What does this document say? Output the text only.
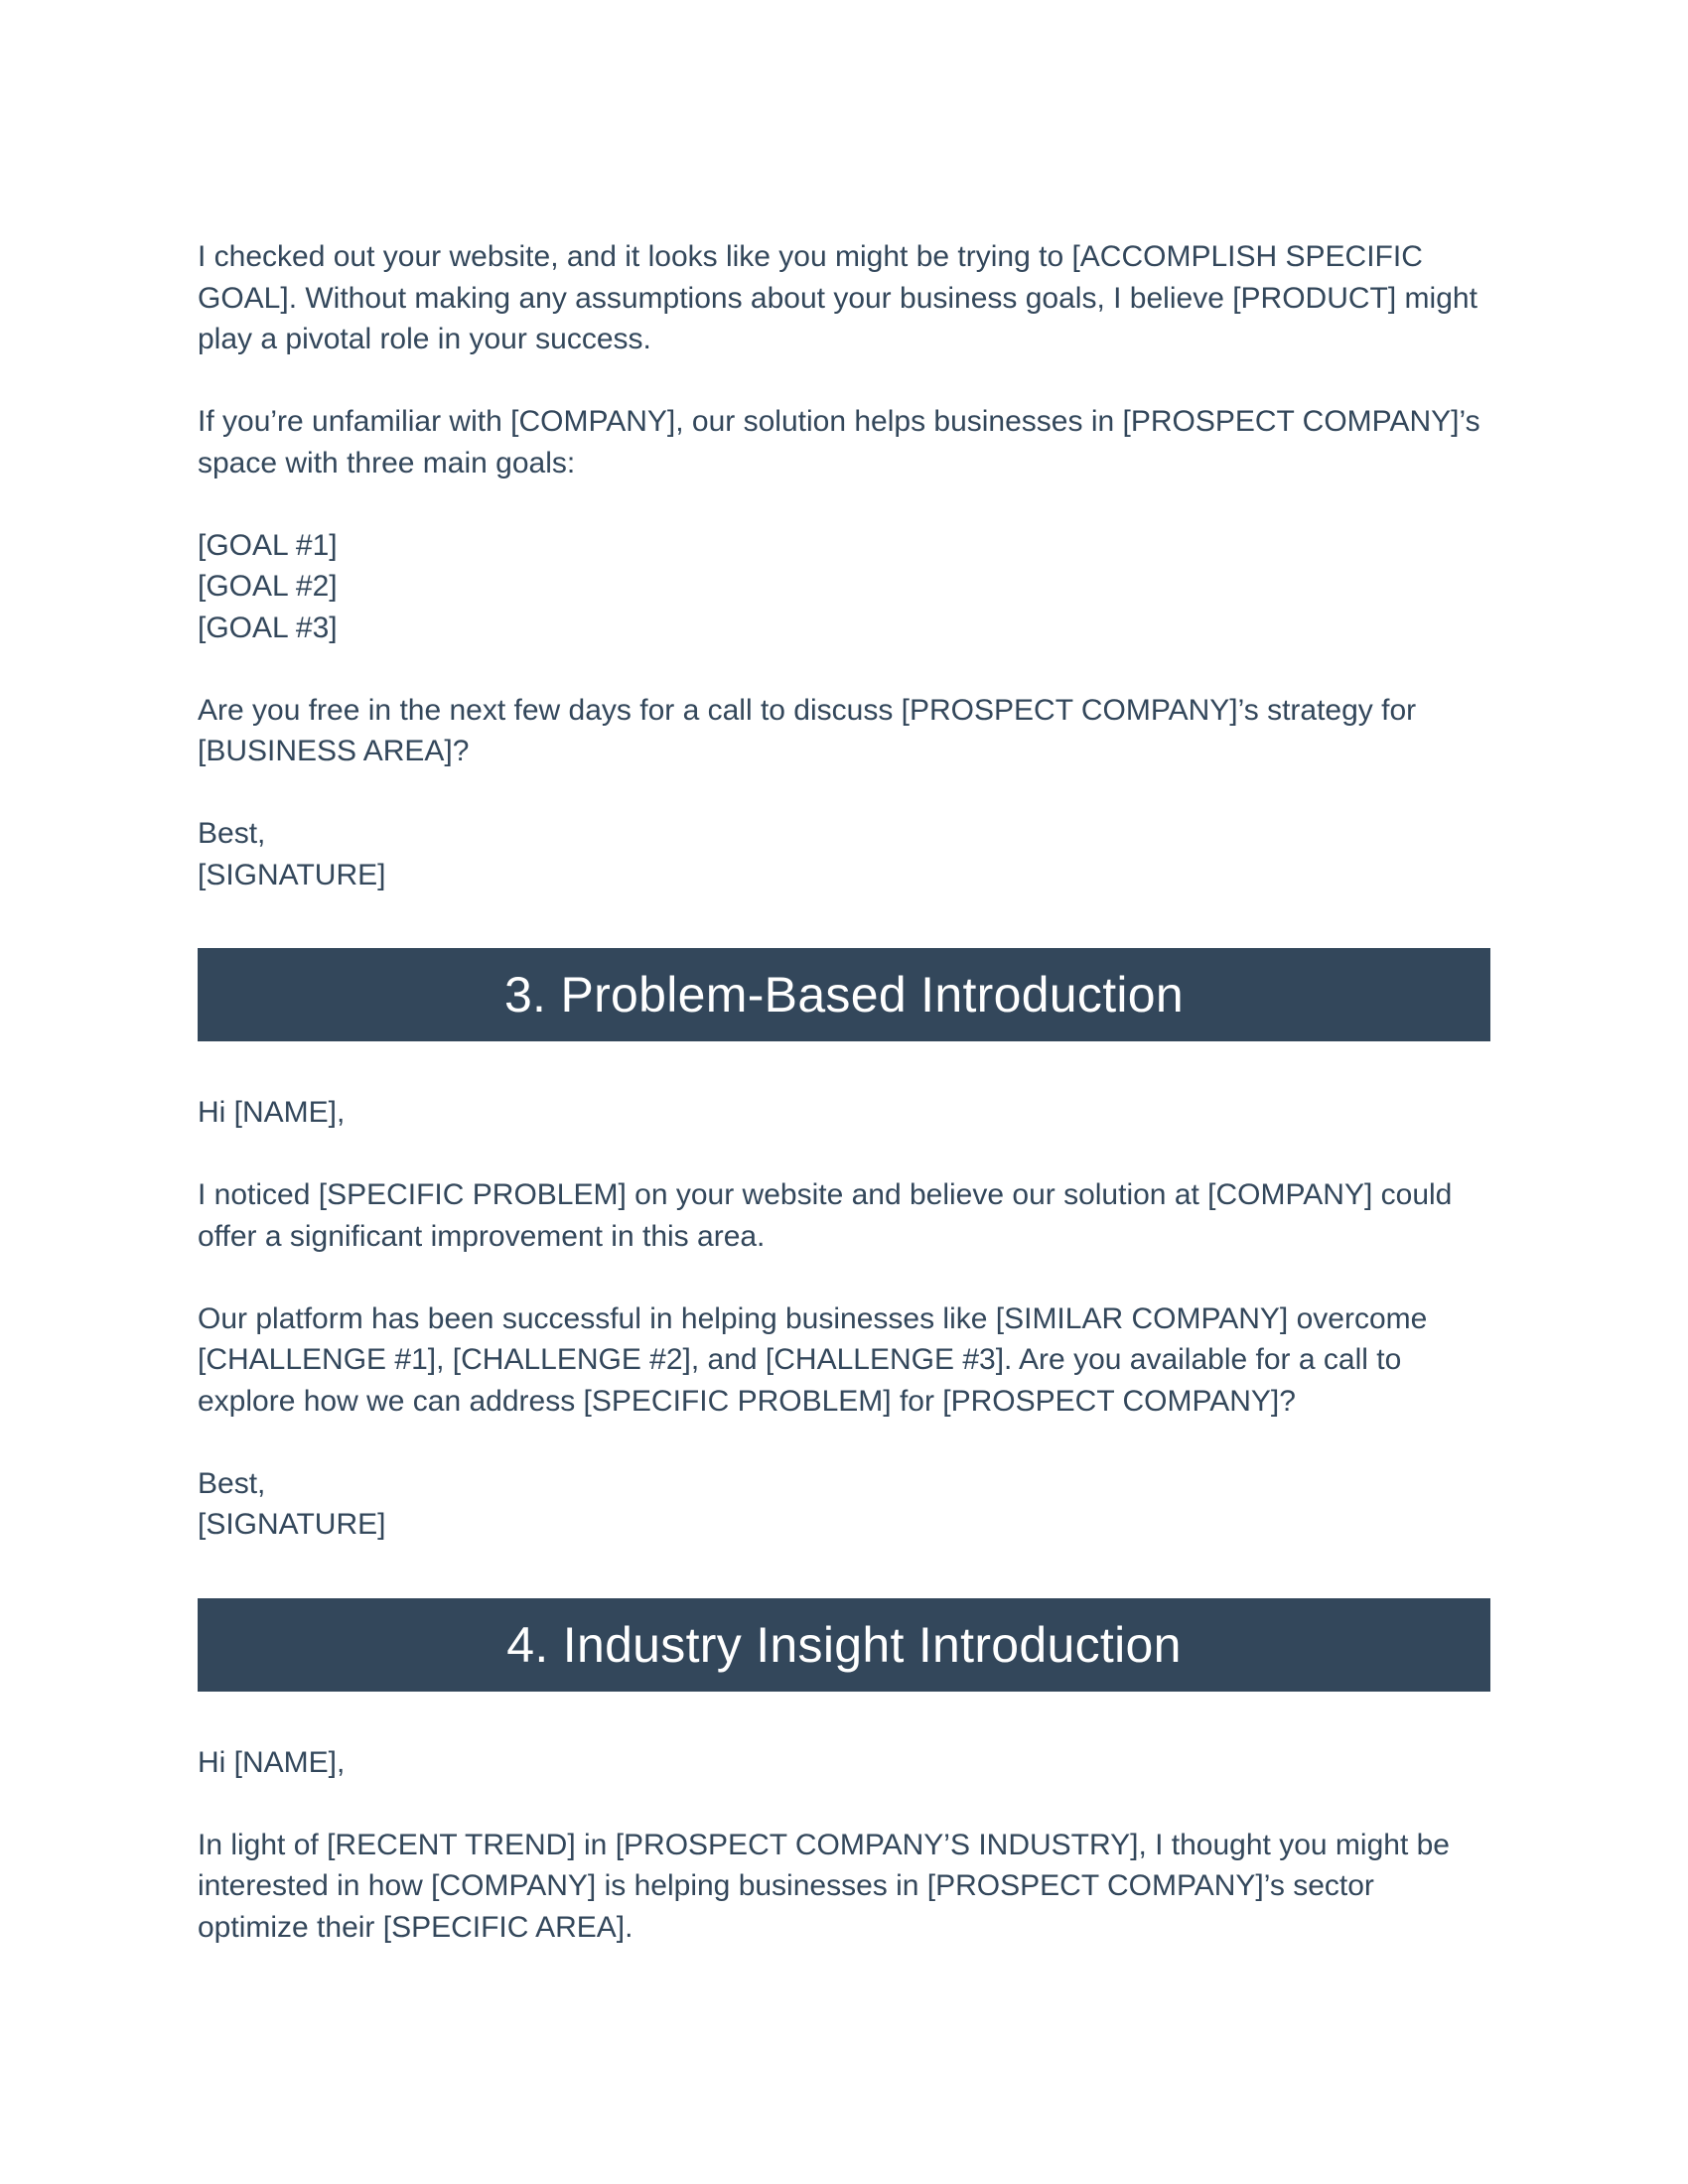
I checked out your website, and it looks like you might be trying to [ACCOMPLISH SPECIFIC GOAL]. Without making any assumptions about your business goals, I believe [PRODUCT] might play a pivotal role in your success.

If you’re unfamiliar with [COMPANY], our solution helps businesses in [PROSPECT COMPANY]’s space with three main goals:

[GOAL #1]

[GOAL #2]

[GOAL #3]

Are you free in the next few days for a call to discuss [PROSPECT COMPANY]’s strategy for [BUSINESS AREA]?

Best,

[SIGNATURE]

3. Problem-Based Introduction

Hi [NAME],

I noticed [SPECIFIC PROBLEM] on your website and believe our solution at [COMPANY] could offer a significant improvement in this area.

Our platform has been successful in helping businesses like [SIMILAR COMPANY] overcome [CHALLENGE #1], [CHALLENGE #2], and [CHALLENGE #3]. Are you available for a call to explore how we can address [SPECIFIC PROBLEM] for [PROSPECT COMPANY]?

Best,

[SIGNATURE]

4. Industry Insight Introduction

Hi [NAME],

In light of [RECENT TREND] in [PROSPECT COMPANY’S INDUSTRY], I thought you might be interested in how [COMPANY] is helping businesses in [PROSPECT COMPANY]’s sector optimize their [SPECIFIC AREA].
